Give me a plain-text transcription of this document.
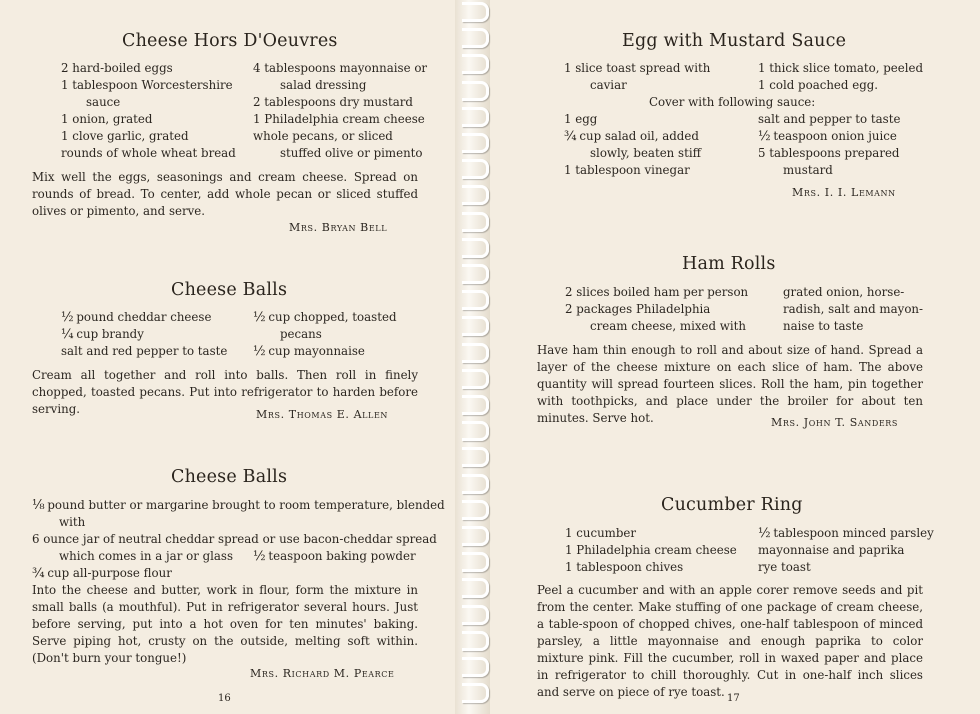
Cheese Hors D'Oeuvres
2 hard-boiled eggs
1 tablespoon Worcestershire
sauce
1 onion, grated
1 clove garlic, grated
rounds of whole wheat bread
4 tablespoons mayonnaise or
salad dressing
2 tablespoons dry mustard
1 Philadelphia cream cheese
whole pecans, or sliced
stuffed olive or pimento
Mix well the eggs, seasonings and cream cheese. Spread on rounds of bread. To center, add whole pecan or sliced stuffed olives or pimento, and serve.
Mrs. Bryan Bell
Cheese Balls
½ pound cheddar cheese
¼ cup brandy
salt and red pepper to taste
½ cup chopped, toasted
pecans
½ cup mayonnaise
Cream all together and roll into balls. Then roll in finely chopped, toasted pecans. Put into refrigerator to harden before serving.	Mrs. Thomas E. Allen
Cheese Balls
⅛ pound butter or margarine brought to room temperature, blended
with
6 ounce jar of neutral cheddar spread or use bacon-cheddar spread
which comes in a jar or glass ½ teaspoon baking powder
¾ cup all-purpose flour
Into the cheese and butter, work in flour, form the mixture in small balls (a mouthful). Put in refrigerator several hours. Just before serving, put into a hot oven for ten minutes' baking. Serve piping hot, crusty on the outside, melting soft within. (Don't burn your tongue!)
Mrs. Richard M. Pearce
16
Egg with Mustard Sauce
1 slice toast spread with
caviar
1 thick slice tomato, peeled
1 cold poached egg.
Cover with following sauce:
1 egg
¾ cup salad oil, added
slowly, beaten stiff
1 tablespoon vinegar
salt and pepper to taste
½ teaspoon onion juice
5 tablespoons prepared
mustard
Mrs. I. I. Lemann
Ham Rolls
2 slices boiled ham per person
2 packages Philadelphia
cream cheese, mixed with
grated onion, horse-
radish, salt and mayon-
naise to taste
Have ham thin enough to roll and about size of hand. Spread a layer of the cheese mixture on each slice of ham. The above quantity will spread fourteen slices. Roll the ham, pin together with toothpicks, and place under the broiler for about ten minutes. Serve hot.	Mrs. John T. Sanders
Cucumber Ring
1 cucumber
1 Philadelphia cream cheese
1 tablespoon chives
½ tablespoon minced parsley
mayonnaise and paprika
rye toast
Peel a cucumber and with an apple corer remove seeds and pit from the center. Make stuffing of one package of cream cheese, a table-spoon of chopped chives, one-half tablespoon of minced parsley, a little mayonnaise and enough paprika to color mixture pink. Fill the cucumber, roll in waxed paper and place in refrigerator to chill thoroughly. Cut in one-half inch slices and serve on piece of rye toast. 17
